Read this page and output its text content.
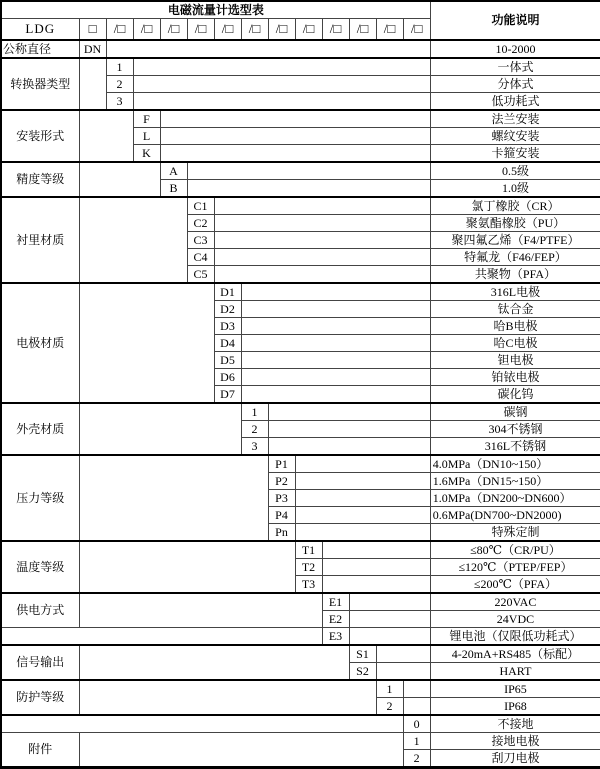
电磁流量计选型表														功能说明
LDG	□	/□	/□	/□	/□	/□	/□	/□	/□	/□	/□	/□	/□	
公称直径	DN													10-2000
转换器类型		1												一体式
		2												分体式
		3												低功耗式
安装形式			F											法兰安装
			L											螺纹安装
			K											卡箍安装
精度等级				A										0.5级
				B										1.0级
衬里材质					C1									氯丁橡胶（CR）
					C2									聚氨酯橡胶（PU）
					C3									聚四氟乙烯（F4/PTFE）
					C4									特氟龙（F46/FEP）
					C5									共聚物（PFA）
电极材质						D1								316L电极
						D2								钛合金
						D3								哈B电极
						D4								哈C电极
						D5								钽电极
						D6								铂铱电极
						D7								碳化钨
外壳材质							1							碳钢
							2							304不锈钢
							3							316L不锈钢
压力等级								P1						4.0MPa（DN10~150）
								P2						1.6MPa（DN15~150）
								P3						1.0MPa（DN200~DN600）
								P4						0.6MPa(DN700~DN2000)
								Pn						特殊定制
温度等级									T1					≤80℃（CR/PU）
									T2					≤120℃（PTEP/FEP）
									T3					≤200℃（PFA）
供电方式										E1				220VAC
										E2				24VDC
										E3				锂电池（仅限低功耗式）
信号输出											S1			4-20mA+RS485（标配）
											S2			HART
防护等级												1		IP65
												2		IP68
													0	不接地
附件													1	接地电极
													2	刮刀电极
